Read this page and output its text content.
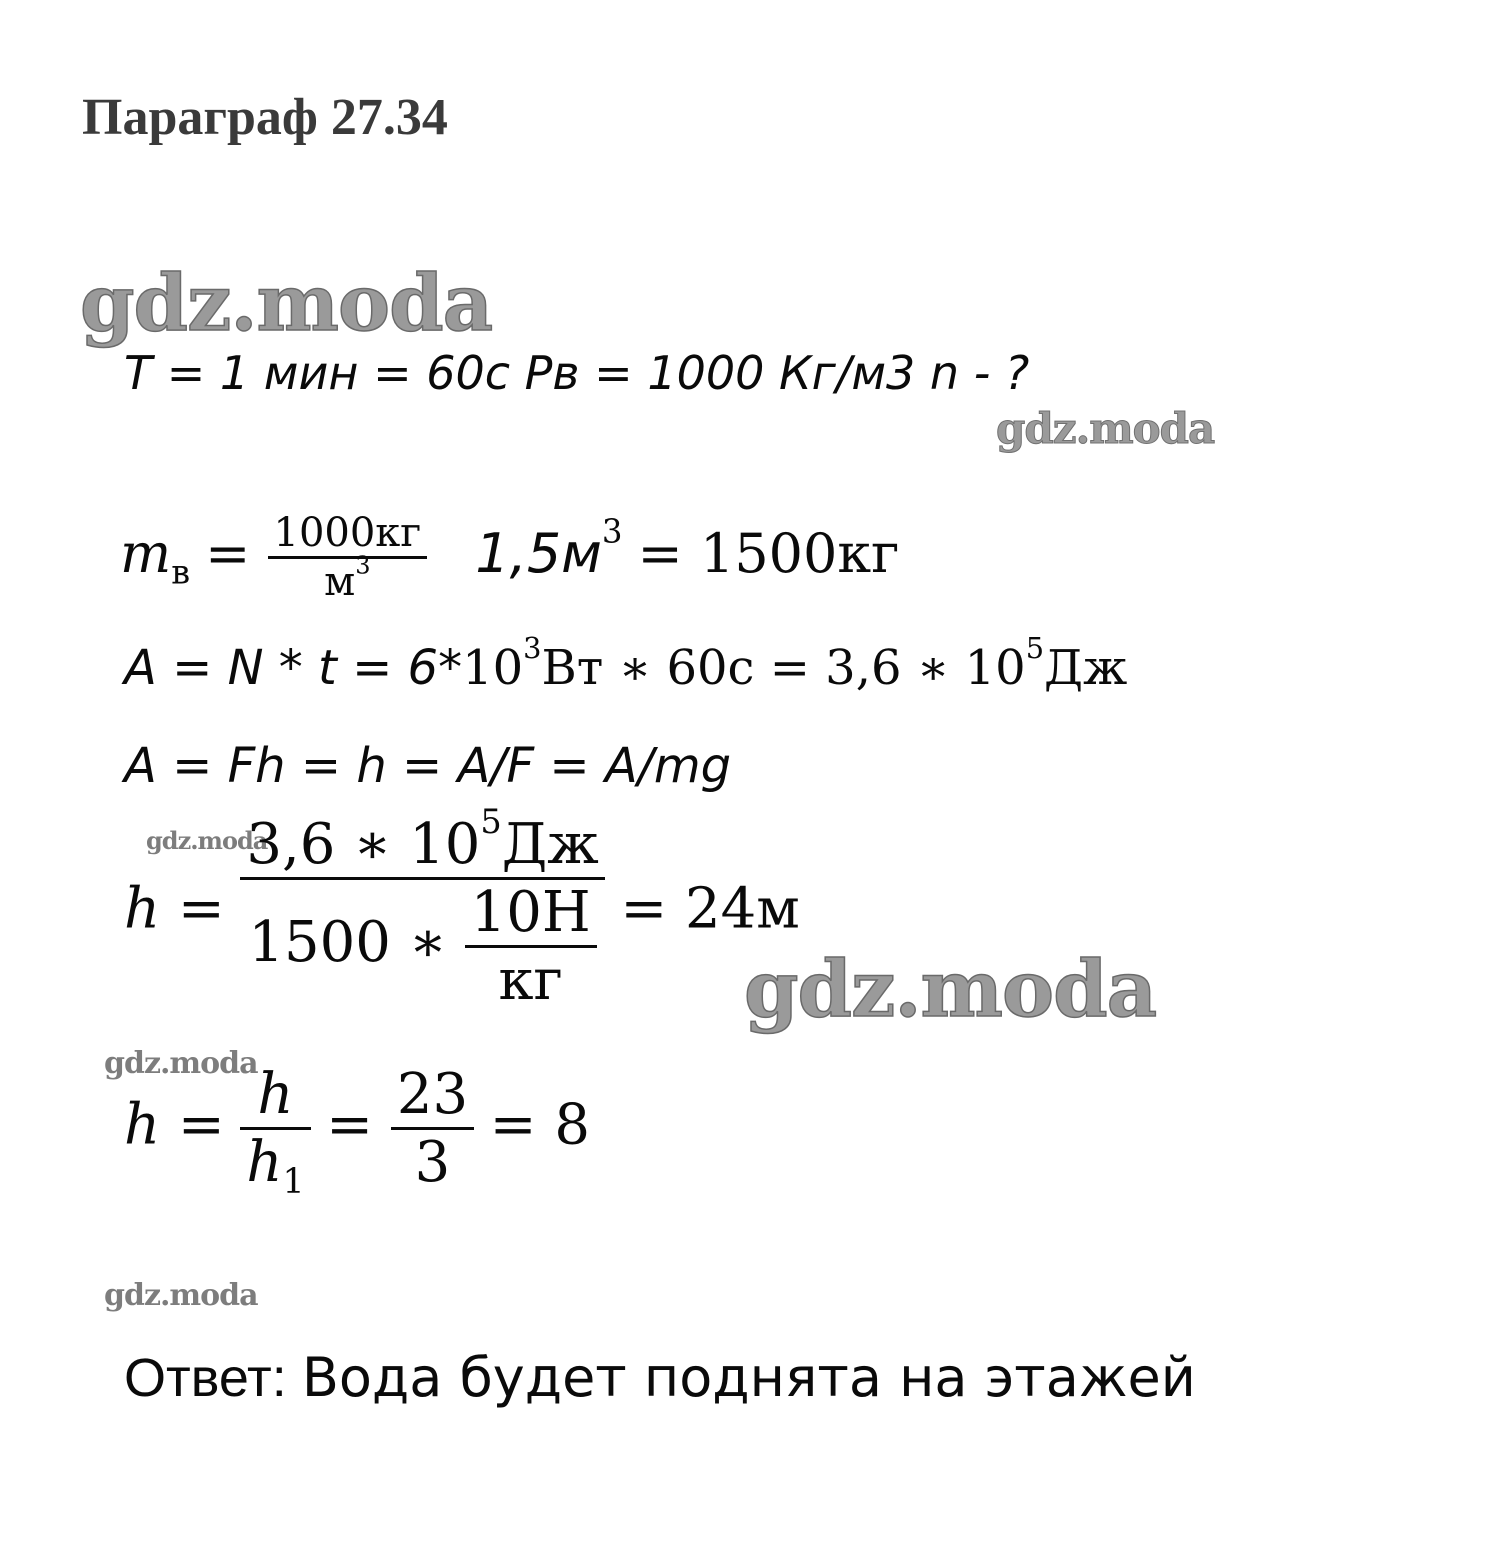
Параграф 27.34
gdz.moda
gdz.moda
gdz.moda
gdz.moda
gdz.moda
gdz.moda
T = 1 мин = 60с Рв = 1000 Кг/м3 n - ?
$m_в = \frac{1000кг}{м^3} 1,5м^3 = 1500кг$
$A = N * t = 6*10^3Вт$ ∗ 60с = 3,6 ∗ $10^5Дж$
A = Fh = h = A/F = A/mg
$h = \frac{3,6 ∗ 10^5Дж}{1500 ∗ \frac{10Н}{кг}} = 24м$
$h = \frac{h}{h_1} = \frac{23}{3} = 8$
Ответ: Вода будет поднята на этажей
